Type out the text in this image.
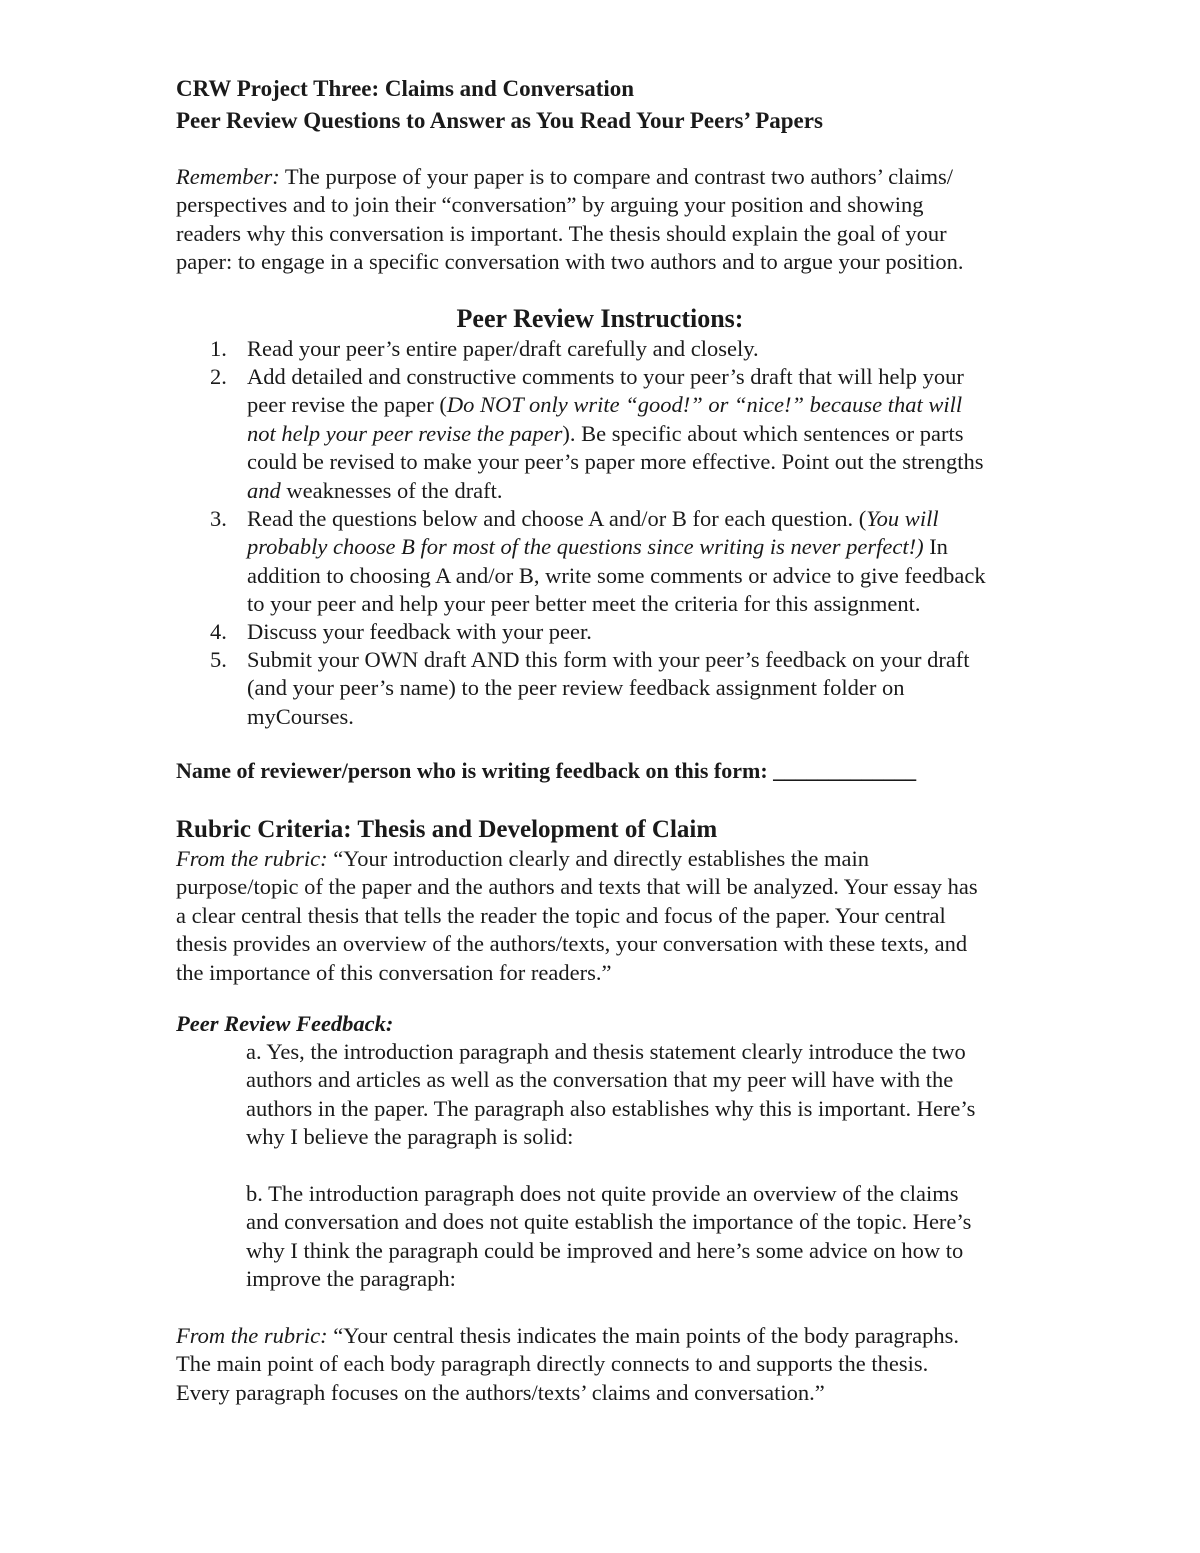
CRW Project Three: Claims and Conversation
Peer Review Questions to Answer as You Read Your Peers’ Papers
Remember: The purpose of your paper is to compare and contrast two authors’ claims/
perspectives and to join their “conversation” by arguing your position and showing
readers why this conversation is important. The thesis should explain the goal of your
paper: to engage in a specific conversation with two authors and to argue your position.
Peer Review Instructions:
1. Read your peer’s entire paper/draft carefully and closely.
2. Add detailed and constructive comments to your peer’s draft that will help your
peer revise the paper (Do NOT only write “good!” or “nice!” because that will
not help your peer revise the paper). Be specific about which sentences or parts
could be revised to make your peer’s paper more effective. Point out the strengths
and weaknesses of the draft.
3. Read the questions below and choose A and/or B for each question. (You will
probably choose B for most of the questions since writing is never perfect!) In
addition to choosing A and/or B, write some comments or advice to give feedback
to your peer and help your peer better meet the criteria for this assignment.
4. Discuss your feedback with your peer.
5. Submit your OWN draft AND this form with your peer’s feedback on your draft
(and your peer’s name) to the peer review feedback assignment folder on
myCourses.
Name of reviewer/person who is writing feedback on this form: _____________
Rubric Criteria: Thesis and Development of Claim
From the rubric: “Your introduction clearly and directly establishes the main
purpose/topic of the paper and the authors and texts that will be analyzed. Your essay has
a clear central thesis that tells the reader the topic and focus of the paper. Your central
thesis provides an overview of the authors/texts, your conversation with these texts, and
the importance of this conversation for readers.”
Peer Review Feedback:
a. Yes, the introduction paragraph and thesis statement clearly introduce the two
authors and articles as well as the conversation that my peer will have with the
authors in the paper. The paragraph also establishes why this is important. Here’s
why I believe the paragraph is solid:
b. The introduction paragraph does not quite provide an overview of the claims
and conversation and does not quite establish the importance of the topic. Here’s
why I think the paragraph could be improved and here’s some advice on how to
improve the paragraph:
From the rubric: “Your central thesis indicates the main points of the body paragraphs.
The main point of each body paragraph directly connects to and supports the thesis.
Every paragraph focuses on the authors/texts’ claims and conversation.”
